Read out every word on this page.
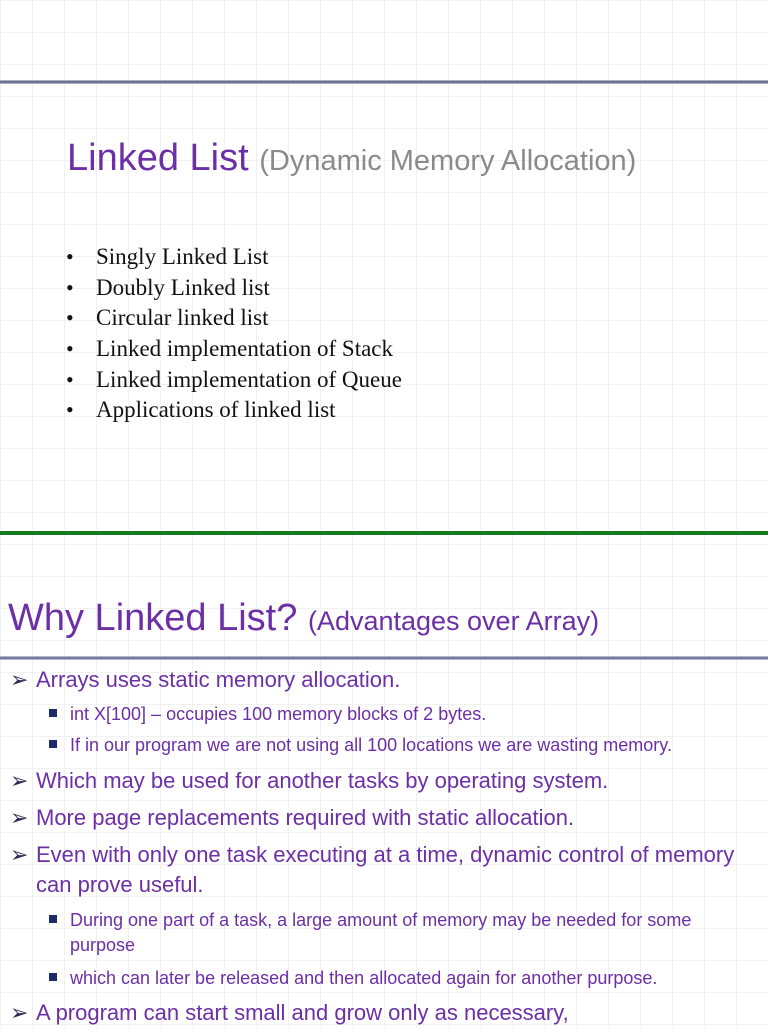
Linked List (Dynamic Memory Allocation)
• Singly Linked List
• Doubly Linked list
• Circular linked list
• Linked implementation of Stack
• Linked implementation of Queue
• Applications of linked list
Why Linked List? (Advantages over Array)
➢ Arrays uses static memory allocation.
int X[100] – occupies 100 memory blocks of 2 bytes.
If in our program we are not using all 100 locations we are wasting memory.
➢ Which may be used for another tasks by operating system.
➢ More page replacements required with static allocation.
➢ Even with only one task executing at a time, dynamic control of memory can prove useful.
During one part of a task, a large amount of memory may be needed for some purpose
which can later be released and then allocated again for another purpose.
➢ A program can start small and grow only as necessary,
